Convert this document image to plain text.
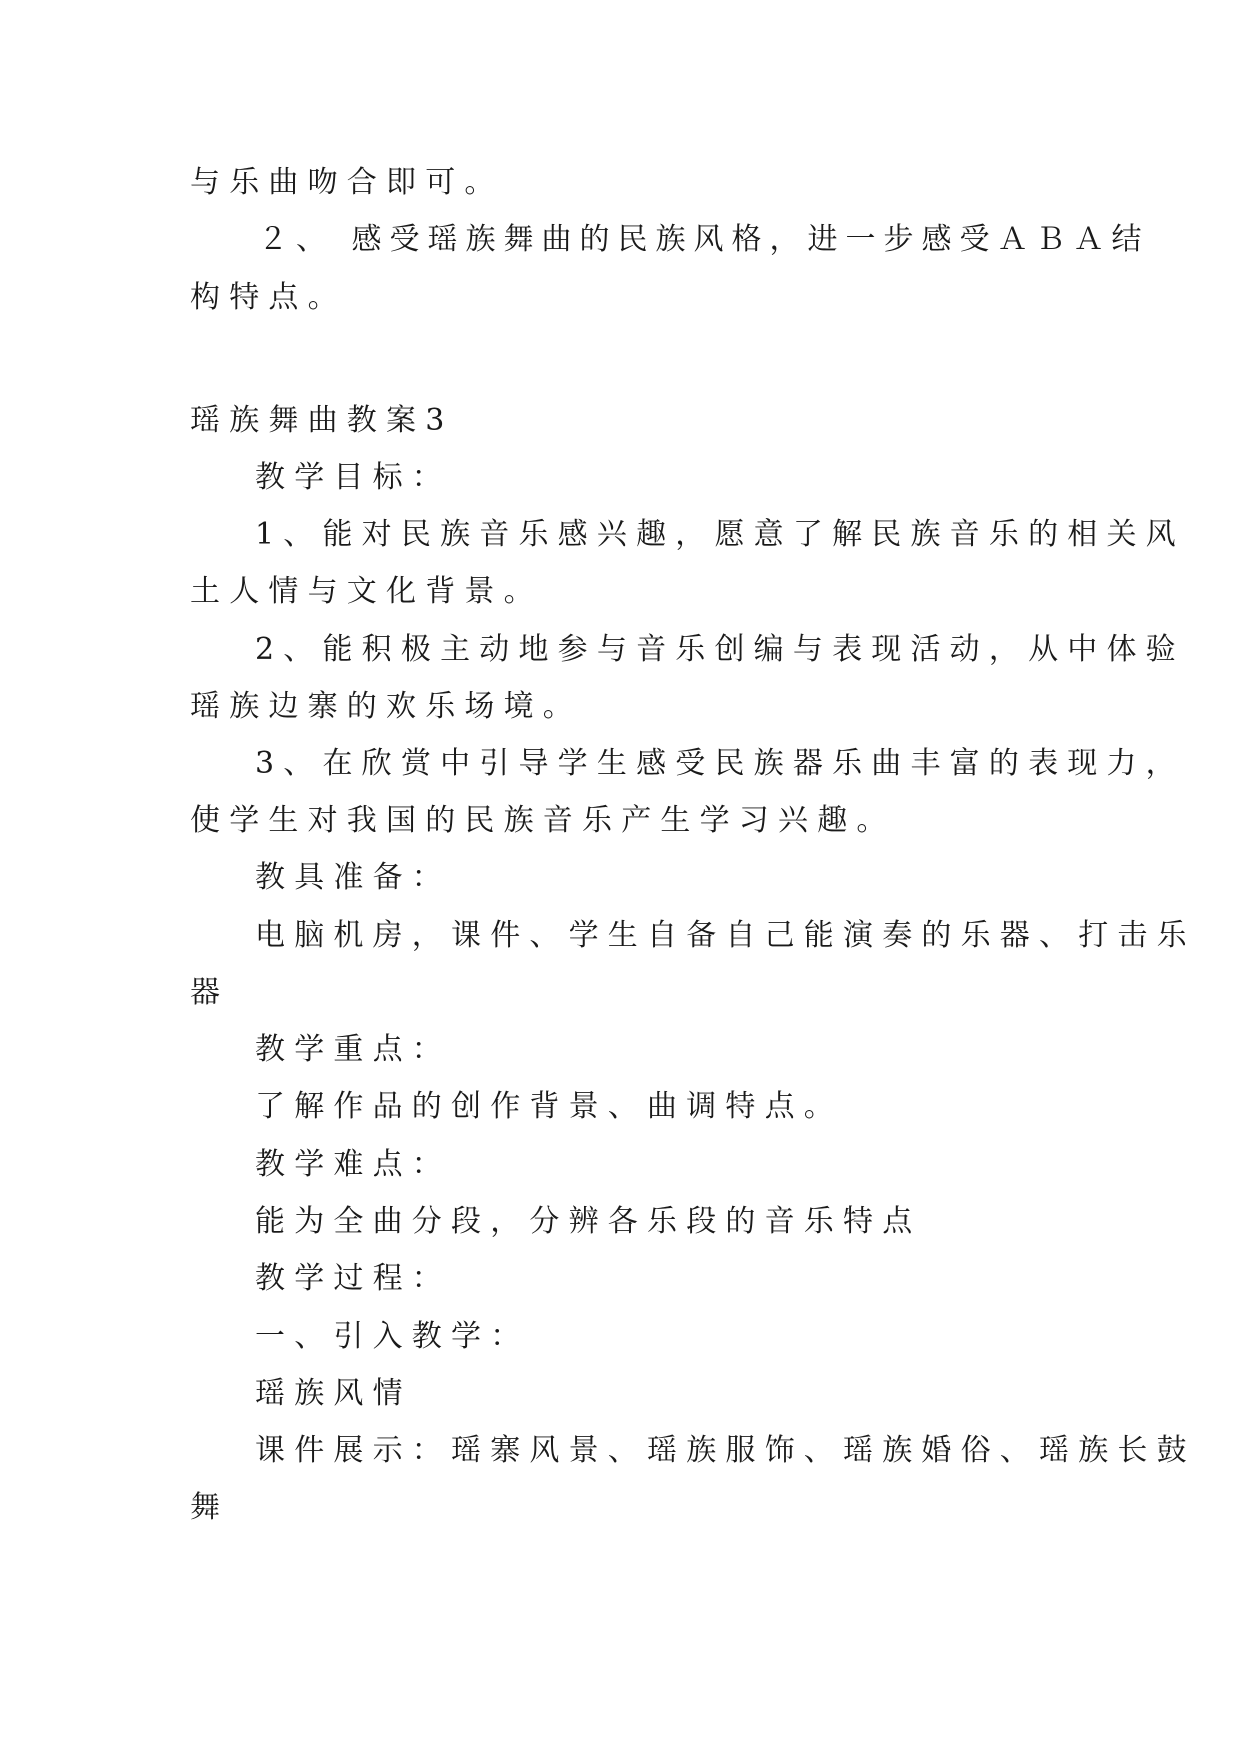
与乐曲吻合即可。
２、 感受瑶族舞曲的民族风格，进一步感受ＡＢＡ结
构特点。
瑶族舞曲教案3
教学目标：
1、能对民族音乐感兴趣，愿意了解民族音乐的相关风
土人情与文化背景。
2、能积极主动地参与音乐创编与表现活动，从中体验
瑶族边寨的欢乐场境。
3、在欣赏中引导学生感受民族器乐曲丰富的表现力，
使学生对我国的民族音乐产生学习兴趣。
教具准备：
电脑机房，课件、学生自备自己能演奏的乐器、打击乐
器
教学重点：
了解作品的创作背景、曲调特点。
教学难点：
能为全曲分段，分辨各乐段的音乐特点
教学过程：
一、引入教学：
瑶族风情
课件展示：瑶寨风景、瑶族服饰、瑶族婚俗、瑶族长鼓
舞
